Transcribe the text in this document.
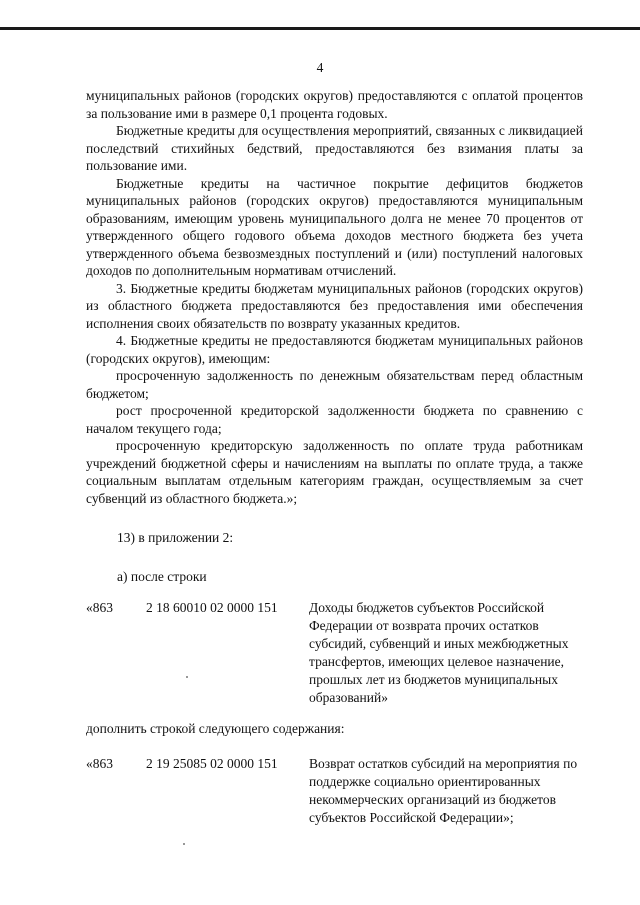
4

муниципальных районов (городских округов) предоставляются с оплатой процентов за пользование ими в размере 0,1 процента годовых.

Бюджетные кредиты для осуществления мероприятий, связанных с ликвидацией последствий стихийных бедствий, предоставляются без взимания платы за пользование ими.

Бюджетные кредиты на частичное покрытие дефицитов бюджетов муниципальных районов (городских округов) предоставляются муниципальным образованиям, имеющим уровень муниципального долга не менее 70 процентов от утвержденного общего годового объема доходов местного бюджета без учета утвержденного объема безвозмездных поступлений и (или) поступлений налоговых доходов по дополнительным нормативам отчислений.

3. Бюджетные кредиты бюджетам муниципальных районов (городских округов) из областного бюджета предоставляются без предоставления ими обеспечения исполнения своих обязательств по возврату указанных кредитов.

4. Бюджетные кредиты не предоставляются бюджетам муниципальных районов (городских округов), имеющим:

просроченную задолженность по денежным обязательствам перед областным бюджетом;

рост просроченной кредиторской задолженности бюджета по сравнению с началом текущего года;

просроченную кредиторскую задолженность по оплате труда работникам учреждений бюджетной сферы и начислениям на выплаты по оплате труда, а также социальным выплатам отдельным категориям граждан, осуществляемым за счет субвенций из областного бюджета.»;

13) в приложении 2:
а) после строки
«863	2 18 60010 02 0000 151	Доходы бюджетов субъектов Российской Федерации от возврата прочих остатков субсидий, субвенций и иных межбюджетных трансфертов, имеющих целевое назначение, прошлых лет из бюджетов муниципальных образований»
дополнить строкой следующего содержания:
«863	2 19 25085 02 0000 151	Возврат остатков субсидий на мероприятия по поддержке социально ориентированных некоммерческих организаций из бюджетов субъектов Российской Федерации»;
